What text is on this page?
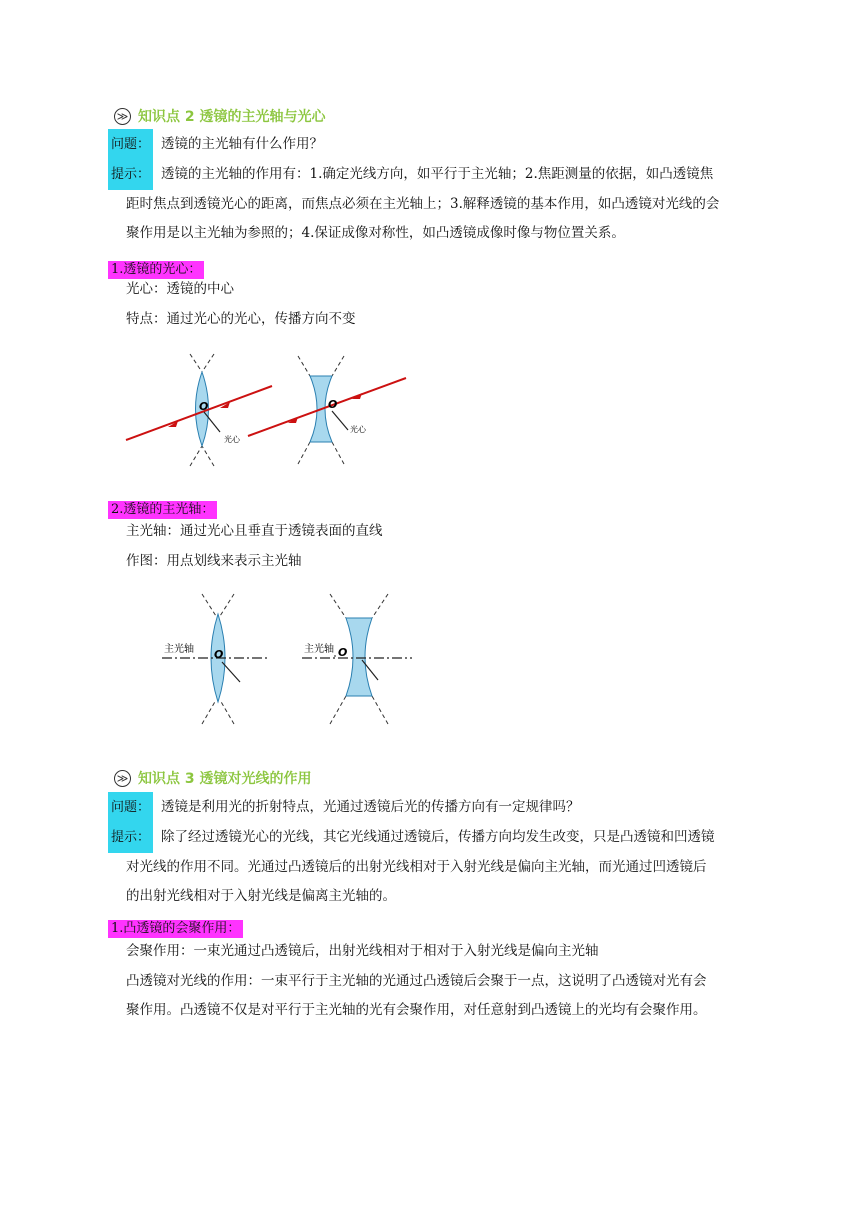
≫ 知识点 2 透镜的主光轴与光心
问题： 透镜的主光轴有什么作用？
提示： 透镜的主光轴的作用有：1.确定光线方向，如平行于主光轴；2.焦距测量的依据，如凸透镜焦
距时焦点到透镜光心的距离，而焦点必须在主光轴上；3.解释透镜的基本作用，如凸透镜对光线的会
聚作用是以主光轴为参照的；4.保证成像对称性，如凸透镜成像时像与物位置关系。
1.透镜的光心：
光心：透镜的中心
特点：通过光心的光心，传播方向不变
O
光心
O
光心
2.透镜的主光轴：
主光轴：通过光心且垂直于透镜表面的直线
作图：用点划线来表示主光轴
主光轴 O	主光轴 O
≫ 知识点 3 透镜对光线的作用
问题： 透镜是利用光的折射特点，光通过透镜后光的传播方向有一定规律吗？
提示： 除了经过透镜光心的光线，其它光线通过透镜后，传播方向均发生改变，只是凸透镜和凹透镜
对光线的作用不同。光通过凸透镜后的出射光线相对于入射光线是偏向主光轴，而光通过凹透镜后
的出射光线相对于入射光线是偏离主光轴的。
1.凸透镜的会聚作用：
会聚作用：一束光通过凸透镜后，出射光线相对于相对于入射光线是偏向主光轴
凸透镜对光线的作用：一束平行于主光轴的光通过凸透镜后会聚于一点，这说明了凸透镜对光有会
聚作用。凸透镜不仅是对平行于主光轴的光有会聚作用，对任意射到凸透镜上的光均有会聚作用。
